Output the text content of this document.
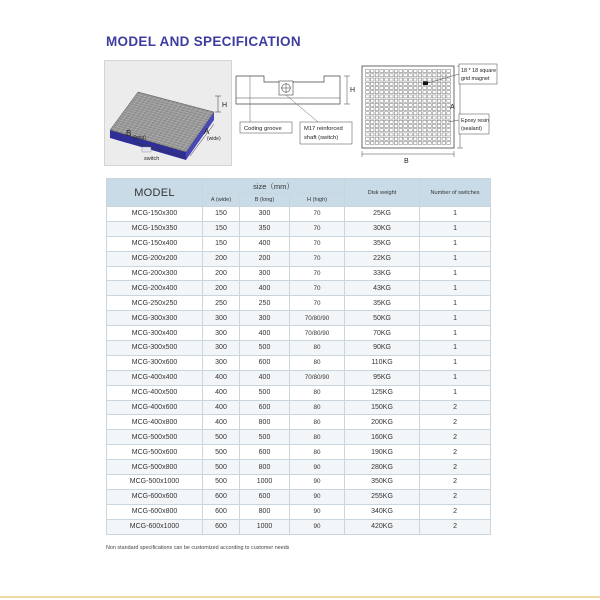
MODEL AND SPECIFICATION
H
B (long)
A
(wide)
switch
H
Coding groove	M17 reinforced
shaft (switch)
A
B
18 * 18 square
grid magnet
Epoxy resin
(sealant)
MODEL	size（mm）			Disk weight	Number of switches
	A (wide)	B (long)	H (high)		
MCG-150x300	150	300	70	25KG	1
MCG-150x350	150	350	70	30KG	1
MCG-150x400	150	400	70	35KG	1
MCG-200x200	200	200	70	22KG	1
MCG-200x300	200	300	70	33KG	1
MCG-200x400	200	400	70	43KG	1
MCG-250x250	250	250	70	35KG	1
MCG-300x300	300	300	70/80/90	50KG	1
MCG-300x400	300	400	70/80/90	70KG	1
MCG-300x500	300	500	80	90KG	1
MCG-300x600	300	600	80	110KG	1
MCG-400x400	400	400	70/80/90	95KG	1
MCG-400x500	400	500	80	125KG	1
MCG-400x600	400	600	80	150KG	2
MCG-400x800	400	800	80	200KG	2
MCG-500x500	500	500	80	160KG	2
MCG-500x600	500	600	80	190KG	2
MCG-500x800	500	800	90	280KG	2
MCG-500x1000	500	1000	90	350KG	2
MCG-600x600	600	600	90	255KG	2
MCG-600x800	600	800	90	340KG	2
MCG-600x1000	600	1000	90	420KG	2
Non standard specifications can be customized according to customer needs
